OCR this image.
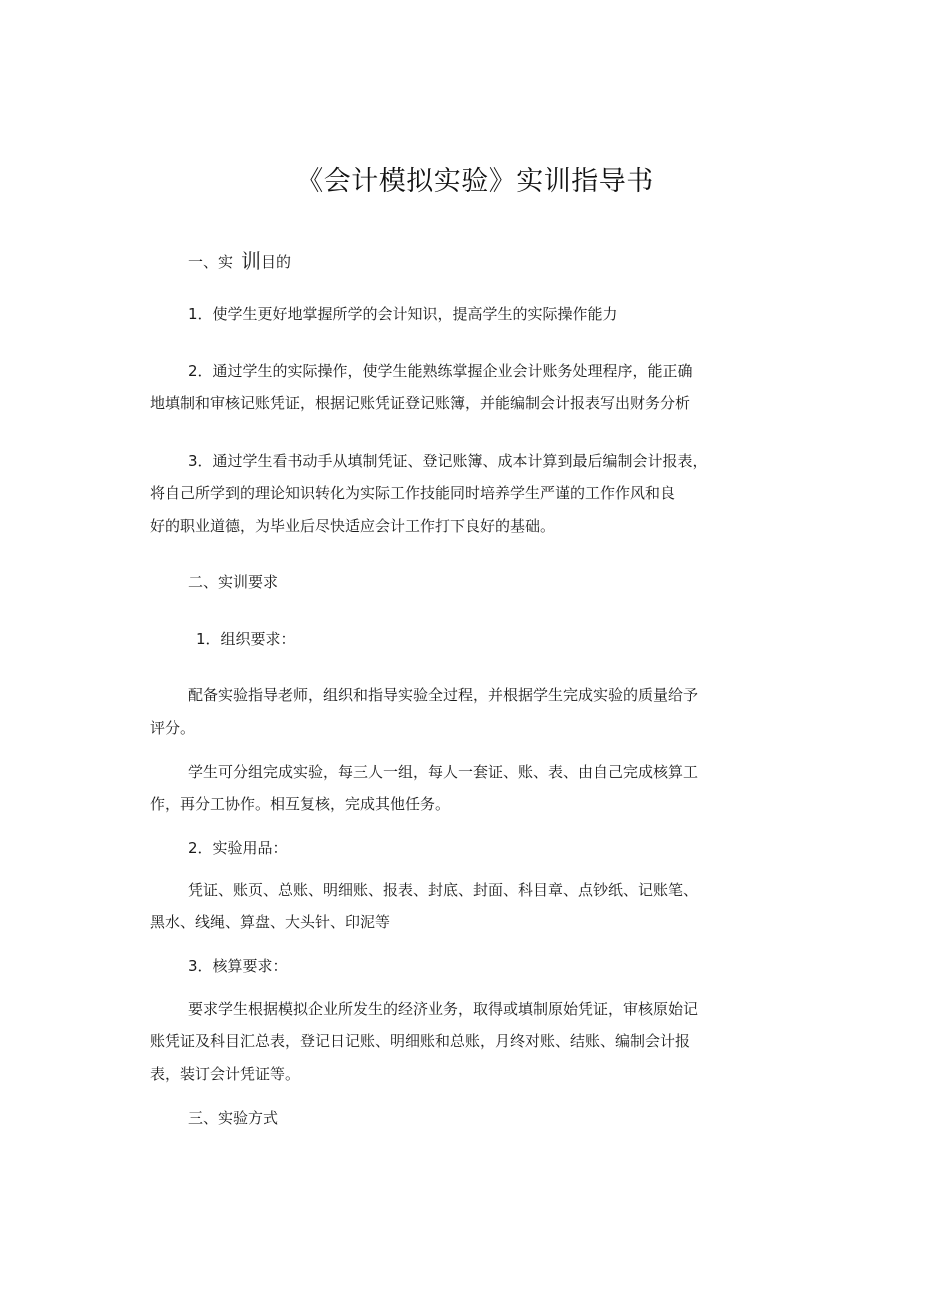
《会计模拟实验》实训指导书
一、实 训目的
1．使学生更好地掌握所学的会计知识，提高学生的实际操作能力
2．通过学生的实际操作，使学生能熟练掌握企业会计账务处理程序，能正确
地填制和审核记账凭证，根据记账凭证登记账簿，并能编制会计报表写出财务分析
3．通过学生看书动手从填制凭证、登记账簿、成本计算到最后编制会计报表，
将自己所学到的理论知识转化为实际工作技能同时培养学生严谨的工作作风和良
好的职业道德，为毕业后尽快适应会计工作打下良好的基础。
二、实训要求
1．组织要求：
配备实验指导老师，组织和指导实验全过程，并根据学生完成实验的质量给予
评分。
学生可分组完成实验，每三人一组，每人一套证、账、表、由自己完成核算工
作，再分工协作。相互复核，完成其他任务。
2．实验用品：
凭证、账页、总账、明细账、报表、封底、封面、科目章、点钞纸、记账笔、
黑水、线绳、算盘、大头针、印泥等
3．核算要求：
要求学生根据模拟企业所发生的经济业务，取得或填制原始凭证，审核原始记
账凭证及科目汇总表，登记日记账、明细账和总账，月终对账、结账、编制会计报
表，装订会计凭证等。
三、实验方式
